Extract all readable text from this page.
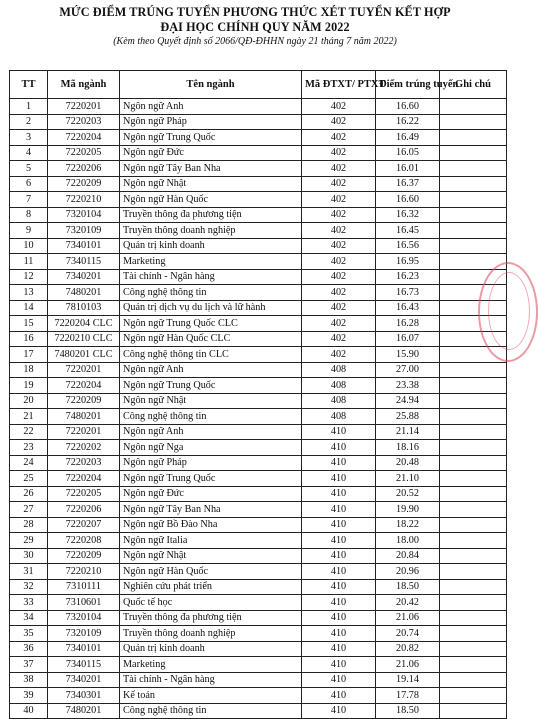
MỨC ĐIỂM TRÚNG TUYỂN PHƯƠNG THỨC XÉT TUYỂN KẾT HỢP
ĐẠI HỌC CHÍNH QUY NĂM 2022
(Kèm theo Quyết định số 2066/QĐ-ĐHHN ngày 21 tháng 7 năm 2022)
TT	Mã ngành	Tên ngành	Mã ĐTXT/ PTXT	Điểm trúng tuyển	Ghi chú
1	7220201	Ngôn ngữ Anh	402	16.60	
2	7220203	Ngôn ngữ Pháp	402	16.22	
3	7220204	Ngôn ngữ Trung Quốc	402	16.49	
4	7220205	Ngôn ngữ Đức	402	16.05	
5	7220206	Ngôn ngữ Tây Ban Nha	402	16.01	
6	7220209	Ngôn ngữ Nhật	402	16.37	
7	7220210	Ngôn ngữ Hàn Quốc	402	16.60	
8	7320104	Truyền thông đa phương tiện	402	16.32	
9	7320109	Truyền thông doanh nghiệp	402	16.45	
10	7340101	Quản trị kinh doanh	402	16.56	
11	7340115	Marketing	402	16.95	
12	7340201	Tài chính - Ngân hàng	402	16.23	
13	7480201	Công nghệ thông tin	402	16.73	
14	7810103	Quản trị dịch vụ du lịch và lữ hành	402	16.43	
15	7220204 CLC	Ngôn ngữ Trung Quốc CLC	402	16.28	
16	7220210 CLC	Ngôn ngữ Hàn Quốc CLC	402	16.07	
17	7480201 CLC	Công nghệ thông tin CLC	402	15.90	
18	7220201	Ngôn ngữ Anh	408	27.00	
19	7220204	Ngôn ngữ Trung Quốc	408	23.38	
20	7220209	Ngôn ngữ Nhật	408	24.94	
21	7480201	Công nghệ thông tin	408	25.88	
22	7220201	Ngôn ngữ Anh	410	21.14	
23	7220202	Ngôn ngữ Nga	410	18.16	
24	7220203	Ngôn ngữ Pháp	410	20.48	
25	7220204	Ngôn ngữ Trung Quốc	410	21.10	
26	7220205	Ngôn ngữ Đức	410	20.52	
27	7220206	Ngôn ngữ Tây Ban Nha	410	19.90	
28	7220207	Ngôn ngữ Bồ Đào Nha	410	18.22	
29	7220208	Ngôn ngữ Italia	410	18.00	
30	7220209	Ngôn ngữ Nhật	410	20.84	
31	7220210	Ngôn ngữ Hàn Quốc	410	20.96	
32	7310111	Nghiên cứu phát triển	410	18.50	
33	7310601	Quốc tế học	410	20.42	
34	7320104	Truyền thông đa phương tiện	410	21.06	
35	7320109	Truyền thông doanh nghiệp	410	20.74	
36	7340101	Quản trị kinh doanh	410	20.82	
37	7340115	Marketing	410	21.06	
38	7340201	Tài chính - Ngân hàng	410	19.14	
39	7340301	Kế toán	410	17.78	
40	7480201	Công nghệ thông tin	410	18.50	
